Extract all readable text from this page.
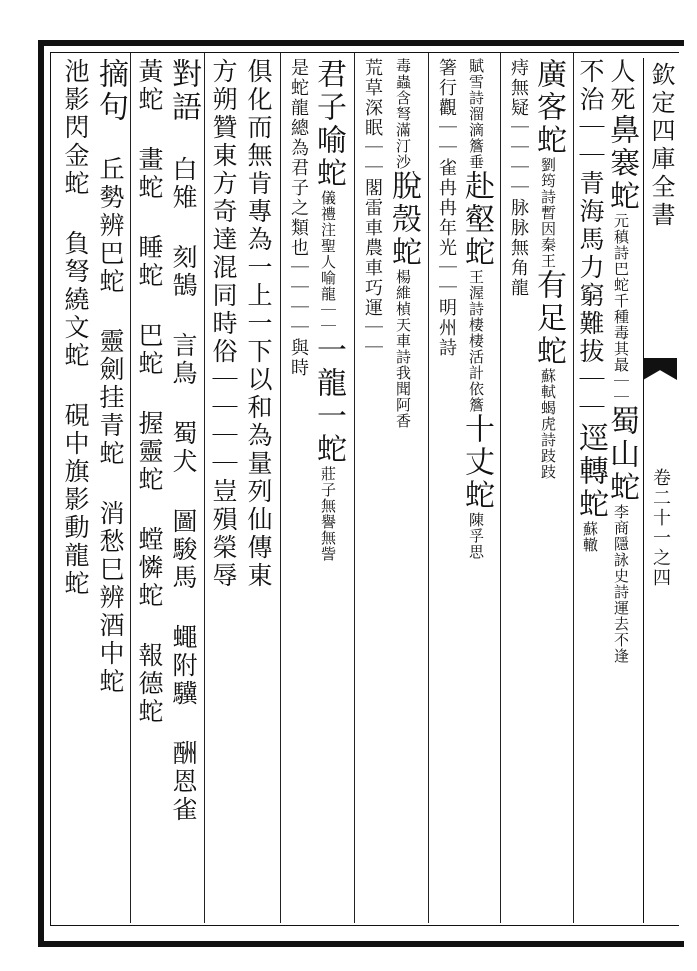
欽定四庫全書
卷二十一之四
人死鼻褰蛇元稹詩巴蛇千種毒其最｜｜蜀山蛇李商隱詠史詩運去不逢
不治｜｜青海馬力窮難拔｜｜逕轉蛇蘇轍
廣客蛇劉筠詩暫因秦王有足蛇蘇軾蝎虎詩跂跂
痔無疑｜｜｜｜脉脉無角龍
賦雪詩溜滴簷垂赴壑蛇王渥詩棲棲活計依簷十丈蛇陳孚思
箸行觀｜｜雀冉冉年光｜｜明州詩
毒蟲含弩滿汀沙脫殼蛇楊維楨天車詩我聞阿香
荒草深眠｜｜閣雷車農車巧運｜｜
君子喻蛇儀禮注聖人喻龍｜｜一龍一蛇莊子無譽無訾
是蛇龍總為君子之類也｜｜｜｜與時
俱化而無肯專為一上一下以和為量列仙傳東
方朔贊東方奇達混同時俗｜｜｜｜豈殞榮辱
對語 白雉 刻鵠 言鳥 蜀犬 圖駿馬 蠅附驥 酬恩雀
黃蛇 畫蛇 睡蛇 巴蛇 握靈蛇 螳憐蛇 報德蛇
摘句 丘勢辨巴蛇 靈劍挂青蛇 消愁巳辨酒中蛇
池影閃金蛇 負弩繞文蛇 硯中旗影動龍蛇
